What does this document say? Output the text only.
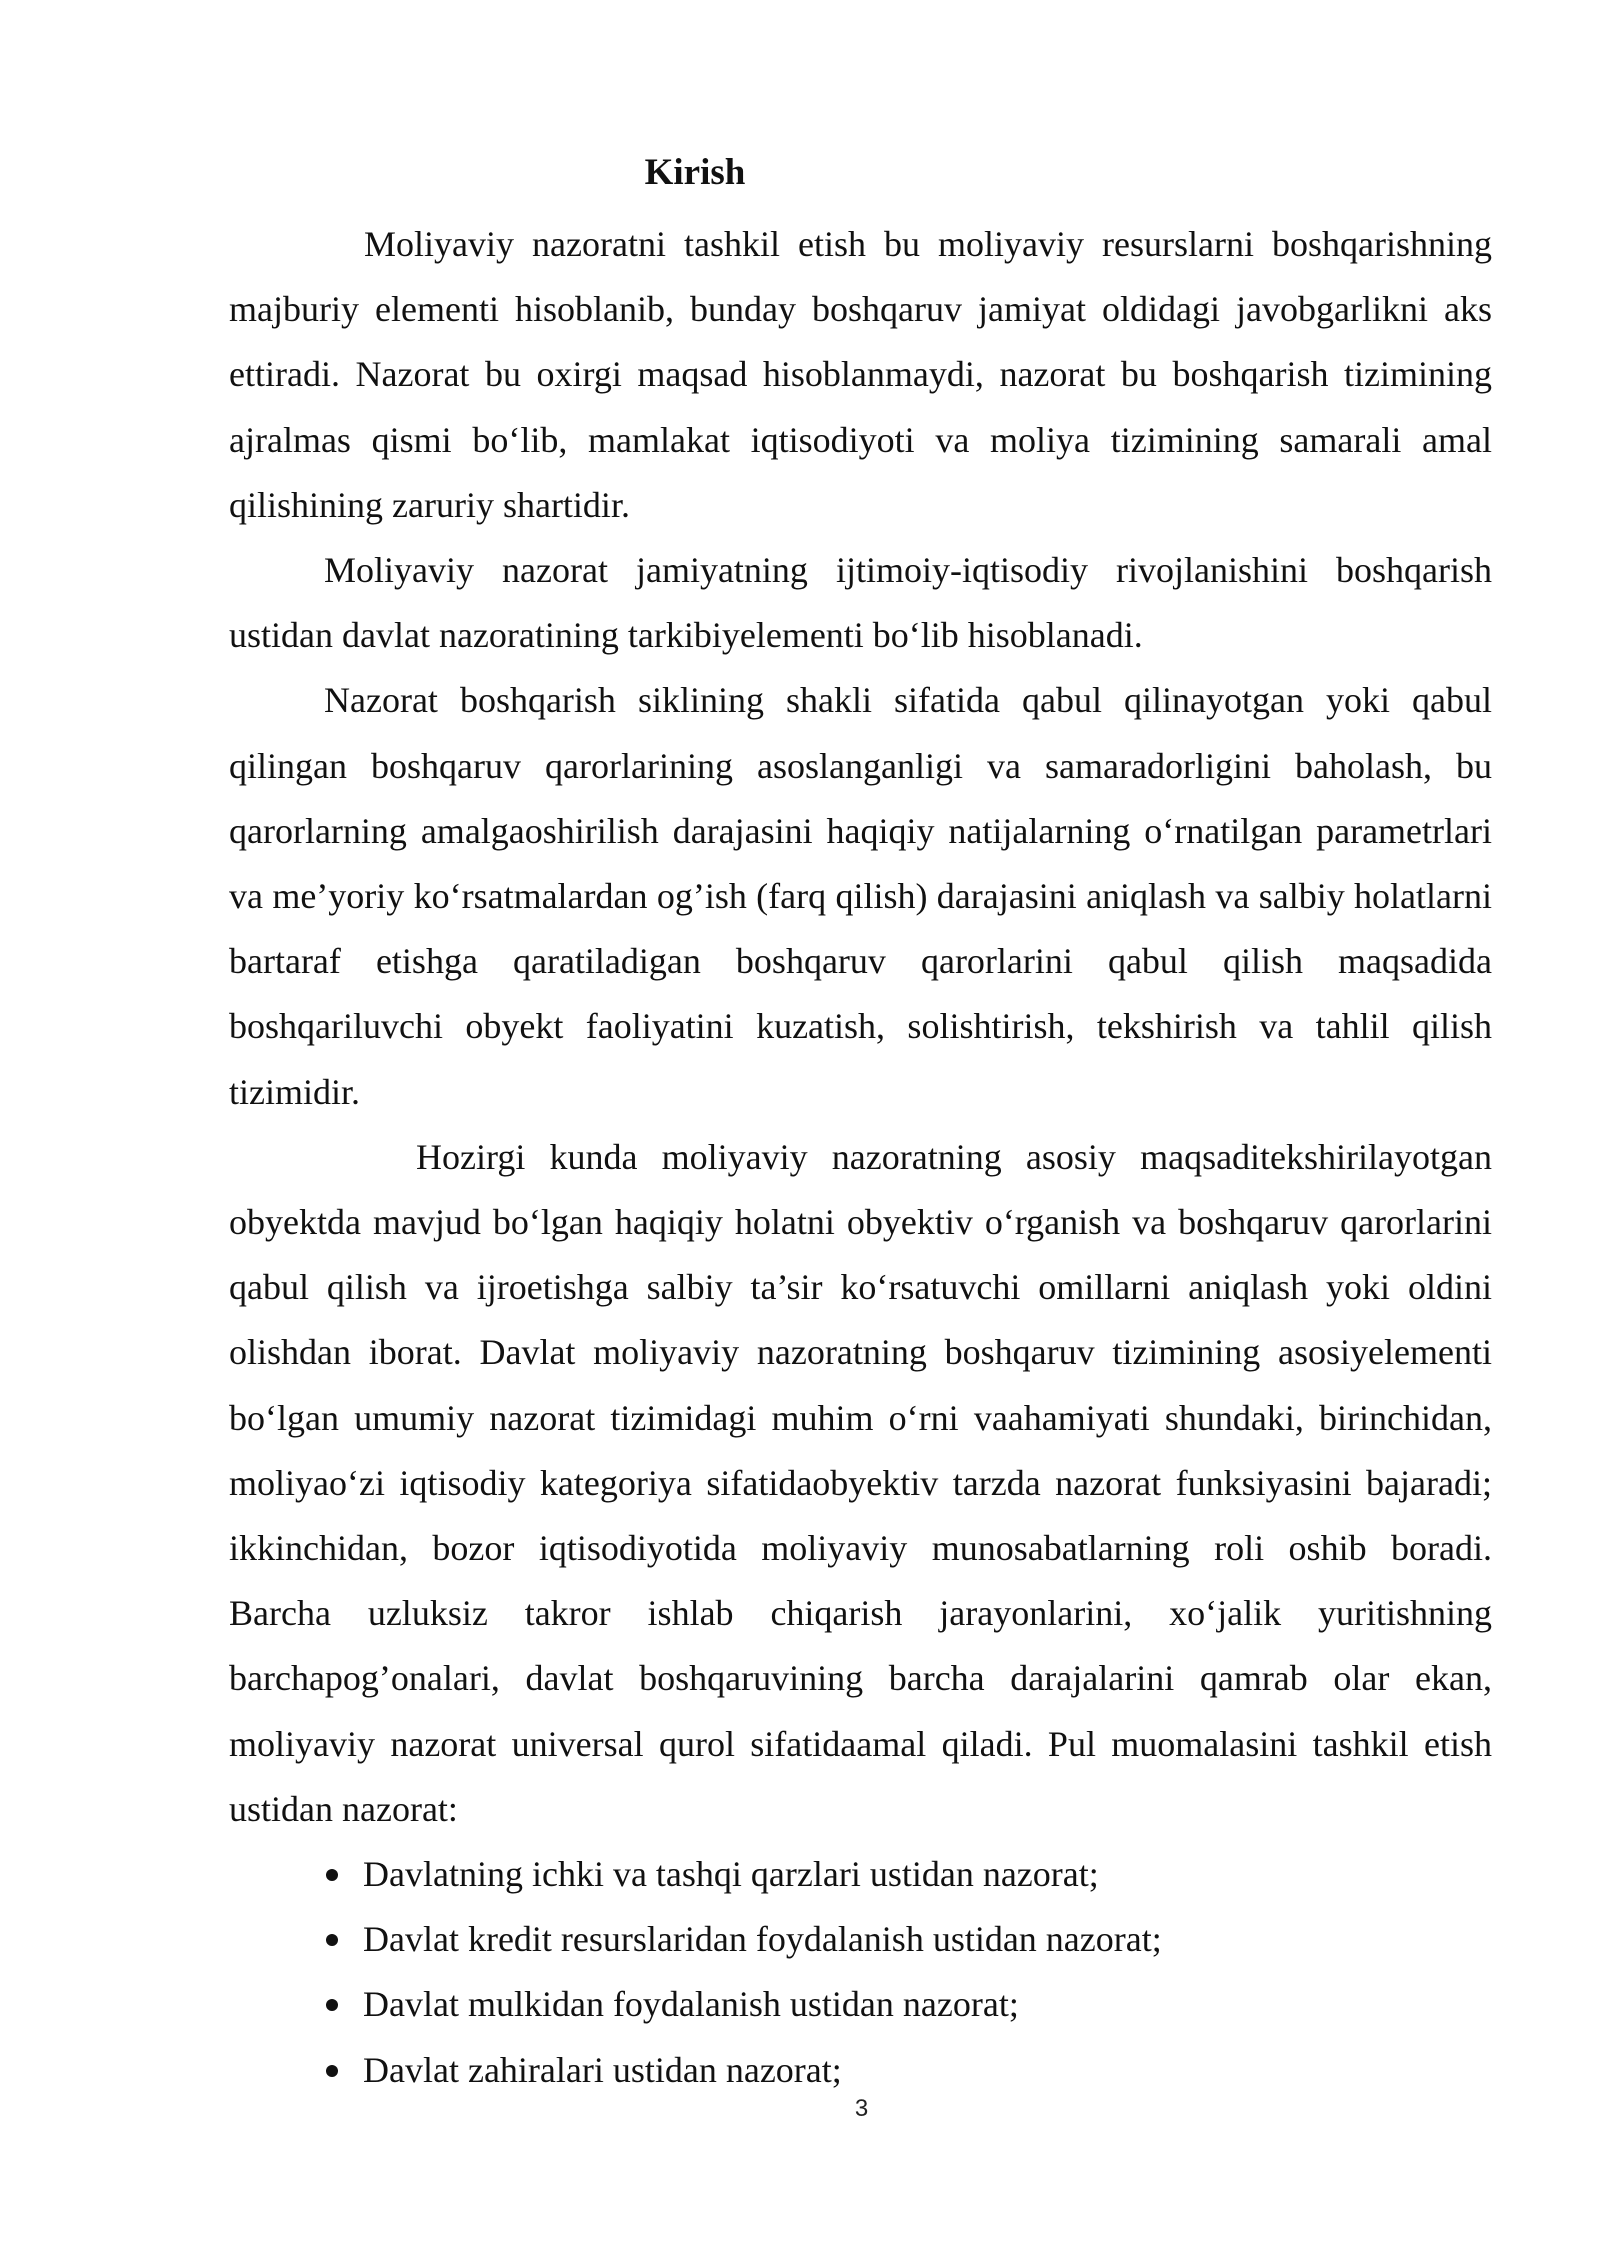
Kirish

Moliyaviy nazoratni tashkil etish bu moliyaviy resurslarni boshqarishning majburiy elementi hisoblanib, bunday boshqaruv jamiyat oldidagi javobgarlikni aks ettiradi. Nazorat bu oxirgi maqsad hisoblanmaydi, nazorat bu boshqarish tizimining ajralmas qismi bo‘lib, mamlakat iqtisodiyoti va moliya tizimining samarali amal qilishining zaruriy shartidir.

Moliyaviy nazorat jamiyatning ijtimoiy-iqtisodiy rivojlanishini boshqarish ustidan davlat nazoratining tarkibiyelementi bo‘lib hisoblanadi.

Nazorat boshqarish siklining shakli sifatida qabul qilinayotgan yoki qabul qilingan boshqaruv qarorlarining asoslanganligi va samaradorligini baholash, bu qarorlarning amalgaoshirilish darajasini haqiqiy natijalarning o‘rnatilgan parametrlari va me’yoriy ko‘rsatmalardan og’ish (farq qilish) darajasini aniqlash va salbiy holatlarni bartaraf etishga qaratiladigan boshqaruv qarorlarini qabul qilish maqsadida boshqariluvchi obyekt faoliyatini kuzatish, solishtirish, tekshirish va tahlil qilish tizimidir.

Hozirgi kunda moliyaviy nazoratning asosiy maqsaditekshirilayotgan obyektda mavjud bo‘lgan haqiqiy holatni obyektiv o‘rganish va boshqaruv qarorlarini qabul qilish va ijroetishga salbiy ta’sir ko‘rsatuvchi omillarni aniqlash yoki oldini olishdan iborat. Davlat moliyaviy nazoratning boshqaruv tizimining asosiyelementi bo‘lgan umumiy nazorat tizimidagi muhim o‘rni vaahamiyati shundaki, birinchidan, moliyao‘zi iqtisodiy kategoriya sifatidaobyektiv tarzda nazorat funksiyasini bajaradi; ikkinchidan, bozor iqtisodiyotida moliyaviy munosabatlarning roli oshib boradi. Barcha uzluksiz takror ishlab chiqarish jarayonlarini, xo‘jalik yuritishning barchapog’onalari, davlat boshqaruvining barcha darajalarini qamrab olar ekan, moliyaviy nazorat universal qurol sifatidaamal qiladi. Pul muomalasini tashkil etish ustidan nazorat:

Davlatning ichki va tashqi qarzlari ustidan nazorat;
Davlat kredit resurslaridan foydalanish ustidan nazorat;
Davlat mulkidan foydalanish ustidan nazorat;
Davlat zahiralari ustidan nazorat;
3
